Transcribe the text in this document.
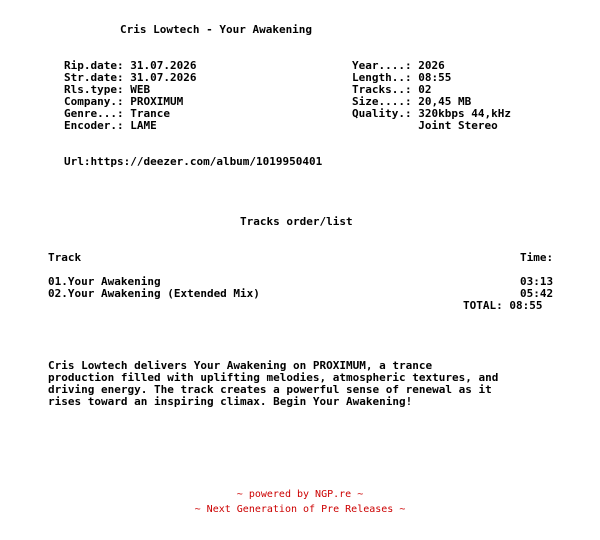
Cris Lowtech - Your Awakening

Rip.date: 31.07.2026

Str.date: 31.07.2026

Rls.type: WEB

Company.: PROXIMUM

Genre...: Trance

Encoder.: LAME

Year....: 2026

Length..: 08:55

Tracks..: 02

Size....: 20,45 MB

Quality.: 320kbps 44,kHz

Joint Stereo

Url:https://deezer.com/album/1019950401
Tracks order/list
Track	Time:
01.Your Awakening	03:13
02.Your Awakening (Extended Mix)	05:42
TOTAL: 08:55

Cris Lowtech delivers Your Awakening on PROXIMUM, a trance

production filled with uplifting melodies, atmospheric textures, and

driving energy. The track creates a powerful sense of renewal as it

rises toward an inspiring climax. Begin Your Awakening!

~ powered by NGP.re ~
~ Next Generation of Pre Releases ~
